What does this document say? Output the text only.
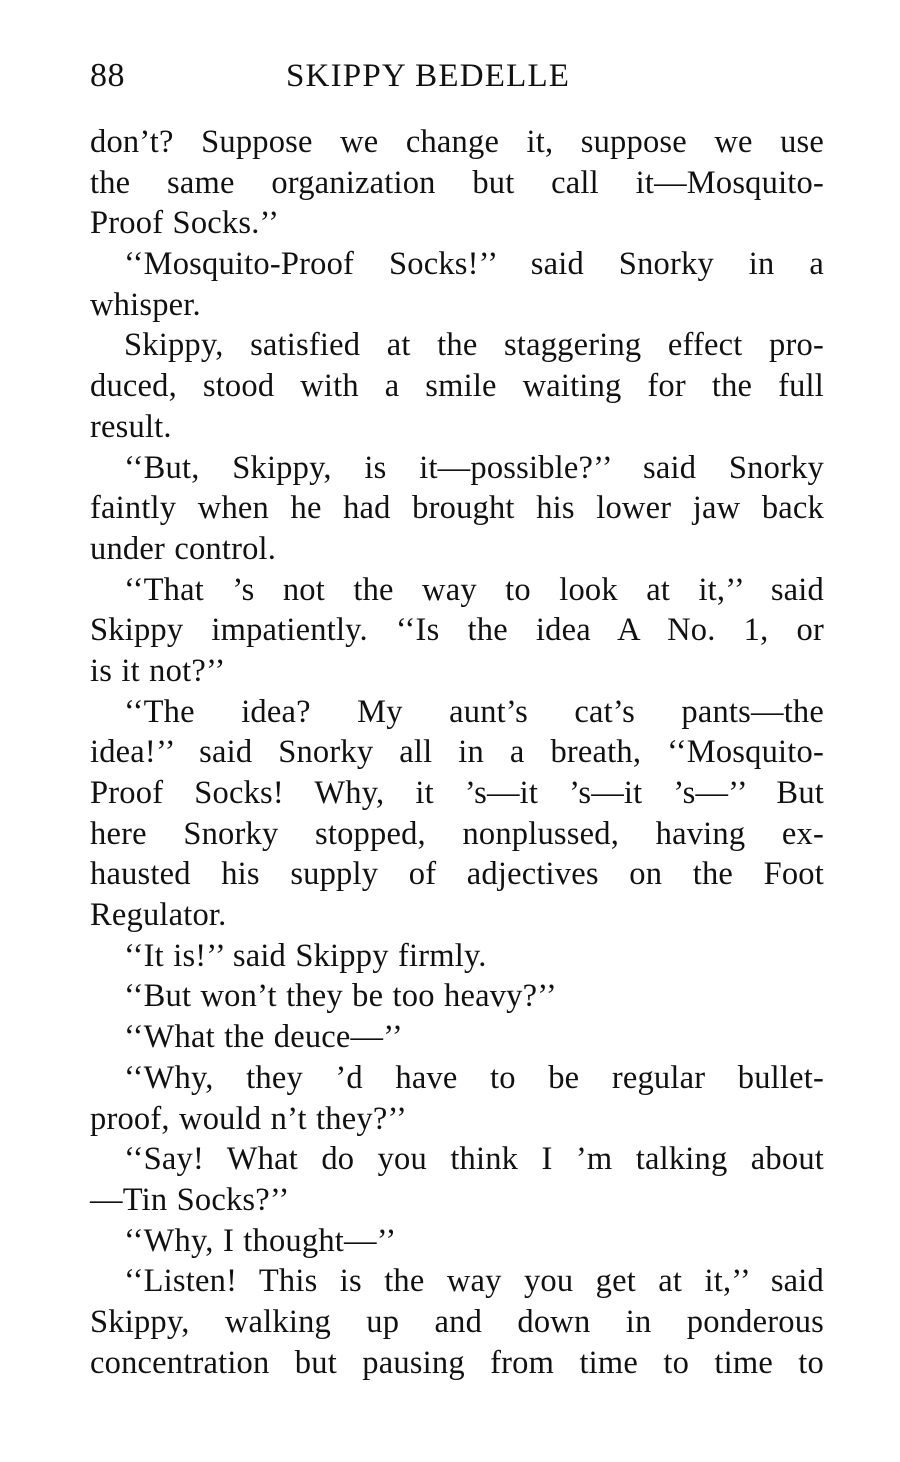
88	SKIPPY BEDELLE
don’t? Suppose we change it, suppose we use
the same organization but call it—Mosquito-
Proof Socks.’’
‘‘Mosquito-Proof Socks!’’ said Snorky in a
whisper.
Skippy, satisfied at the staggering effect pro-
duced, stood with a smile waiting for the full
result.
‘‘But, Skippy, is it—possible?’’ said Snorky
faintly when he had brought his lower jaw back
under control.
‘‘That ’s not the way to look at it,’’ said
Skippy impatiently. ‘‘Is the idea A No. 1, or
is it not?’’
‘‘The idea? My aunt’s cat’s pants—the
idea!’’ said Snorky all in a breath, ‘‘Mosquito-
Proof Socks! Why, it ’s—it ’s—it ’s—’’ But
here Snorky stopped, nonplussed, having ex-
hausted his supply of adjectives on the Foot
Regulator.
‘‘It is!’’ said Skippy firmly.
‘‘But won’t they be too heavy?’’
‘‘What the deuce—’’
‘‘Why, they ’d have to be regular bullet-
proof, would n’t they?’’
‘‘Say! What do you think I ’m talking about
—Tin Socks?’’
‘‘Why, I thought—’’
‘‘Listen! This is the way you get at it,’’ said
Skippy, walking up and down in ponderous
concentration but pausing from time to time to
